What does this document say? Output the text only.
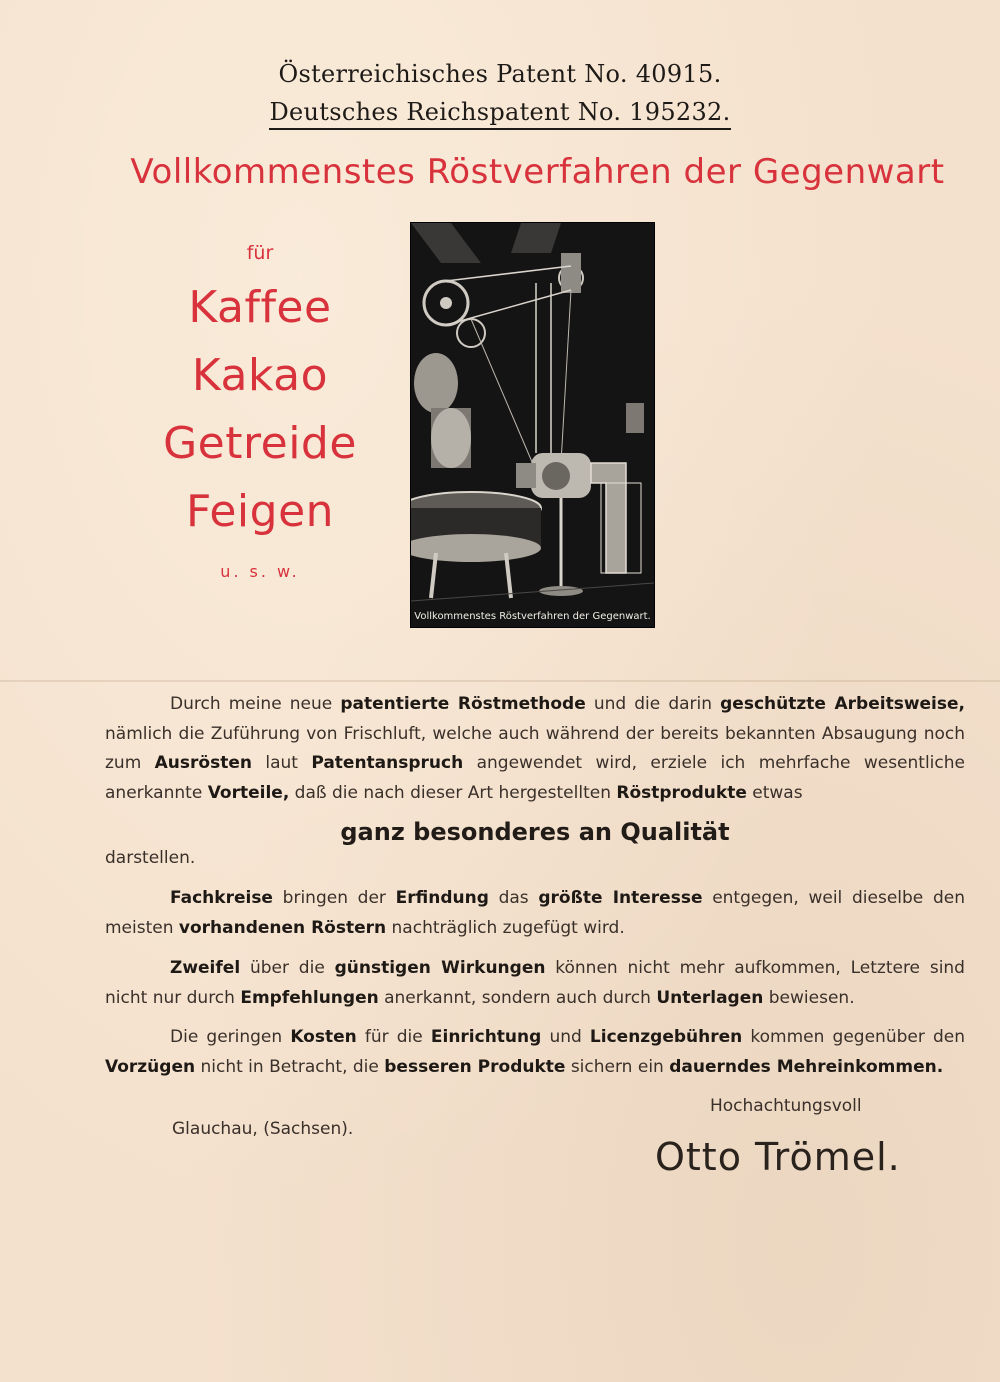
Österreichisches Patent No. 40915.
Deutsches Reichspatent No. 195232.
Vollkommenstes Röstverfahren der Gegenwart
für
Kaffee
Kakao
Getreide
Feigen
u. s. w.
Vollkommenstes Röstverfahren der Gegenwart.
Durch meine neue patentierte Röstmethode und die darin geschützte Arbeitsweise, nämlich die Zuführung von Frischluft, welche auch während der bereits bekannten Absaugung noch zum Ausrösten laut Patentanspruch angewendet wird, erziele ich mehrfache wesentliche anerkannte Vorteile, daß die nach dieser Art hergestellten Röstprodukte etwas
ganz besonderes an Qualität
darstellen.
Fachkreise bringen der Erfindung das größte Interesse entgegen, weil dieselbe den meisten vorhandenen Röstern nachträglich zugefügt wird.
Zweifel über die günstigen Wirkungen können nicht mehr aufkommen, Letztere sind nicht nur durch Empfehlungen anerkannt, sondern auch durch Unterlagen bewiesen.
Die geringen Kosten für die Einrichtung und Licenzgebühren kommen gegenüber den Vorzügen nicht in Betracht, die besseren Produkte sichern ein dauerndes Mehreinkommen.
Hochachtungsvoll
Glauchau, (Sachsen).
Otto Trömel.
